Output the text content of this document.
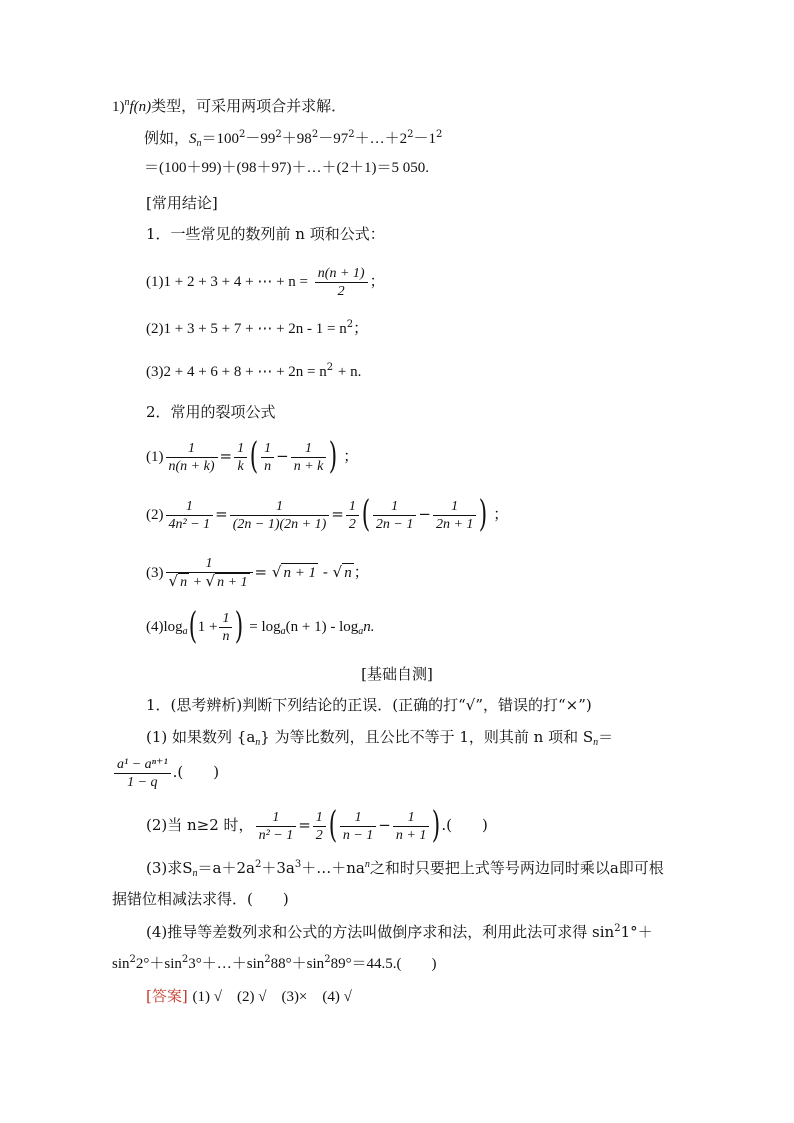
1)$^n$f(n)类型，可采用两项合并求解．
例如，$S_n=100^2-99^2+98^2-97^2+\dots+2^2-1^2$
＝(100＋99)＋(98＋97)＋…＋(2＋1)＝5 050.
[常用结论]
1．一些常见的数列前 n 项和公式：
(1)1 + 2 + 3 + 4 + ⋯ + $n = \frac{n(n + 1)}{2}$ ；
(2)1 + 3 + 5 + 7 + ⋯ + $2n - 1 = n^2$；
(3)2 + 4 + 6 + 8 + ⋯ + $2n = n^2 + n$.
2．常用的裂项公式
$(1) \frac{1}{n(n + k)} = \frac{1}{k}$ ( $\frac{1}{n} - \frac{1}{n + k}$ ) ；
$(2) \frac{1}{\text{4n² − 1}} = \frac{1}{(2n - 1)(2n + 1)} = \frac{1}{2}$ ( $\frac{1}{2n - 1} - \frac{1}{2n + 1}$ ) ；
$(3) \frac{1}{√ n + √ n + 1}$ = √ n + 1 - √ n ；
$(4)\log_a(1 + \frac{1}{n}$ ) = $\log_a(n + 1) - \log_an$.
[基础自测]
1．(思考辨析)判断下列结论的正误．(正确的打“√”，错误的打“×”)
(1) 如果数列 $\{a_n\}$ 为等比数列，且公比不等于 1，则其前 n 项和 $S_n=$
$\frac{\text{a¹ − aⁿ⁺¹}}{1 - q}$ .(　　)
(2)当 n≥2 时， $\frac{1}{\text{n² − 1}} = \frac{1}{2}$ ( $\frac{1}{n - 1} - \frac{1}{n + 1}$ ).(　　)
(3)求$S_n=a+2a^2+3a^3+\dots+na^n$之和时只要把上式等号两边同时乘以a即可根
据错位相减法求得．(　　)
(4)推导等差数列求和公式的方法叫做倒序求和法，利用此法可求得 $\sin^21^\circ+$
$\sin^22^\circ+\sin^23^\circ+\dots+\sin^288^\circ+\sin^289^\circ=44.5$.(　　)
[答案] (1) √　(2) √　(3)×　(4) √
